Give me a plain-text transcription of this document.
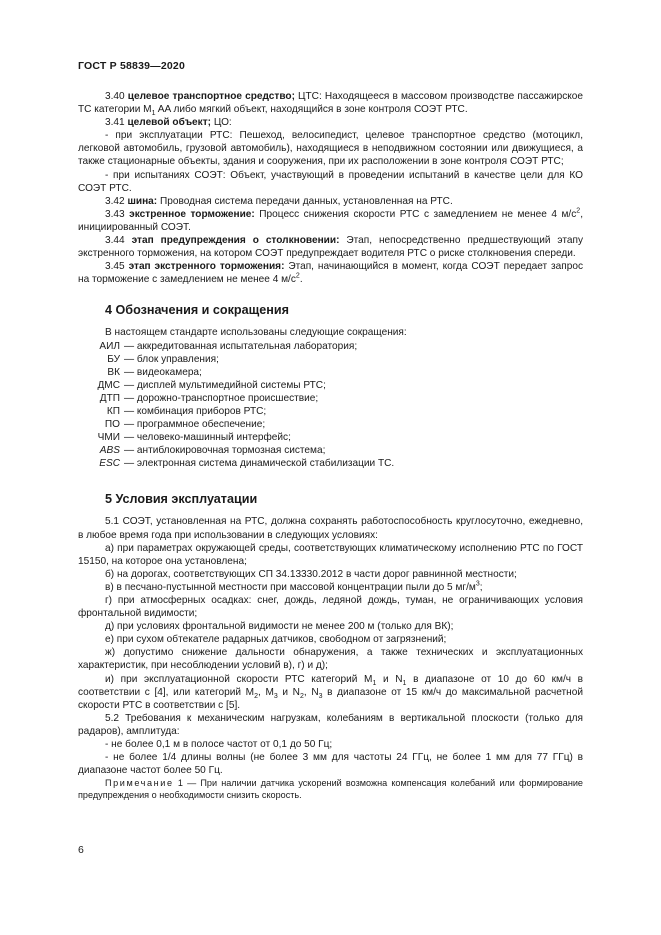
ГОСТ Р 58839—2020

3.40 целевое транспортное средство; ЦТС: Находящееся в массовом производстве пассажирское ТС категории $M_1$ AA либо мягкий объект, находящийся в зоне контроля СОЭТ РТС.

3.41 целевой объект; ЦО:

- при эксплуатации РТС: Пешеход, велосипедист, целевое транспортное средство (мотоцикл, легковой автомобиль, грузовой автомобиль), находящиеся в неподвижном состоянии или движущиеся, а также стационарные объекты, здания и сооружения, при их расположении в зоне контроля СОЭТ РТС;

- при испытаниях СОЭТ: Объект, участвующий в проведении испытаний в качестве цели для КО СОЭТ РТС.

3.42 шина: Проводная система передачи данных, установленная на РТС.

3.43 экстренное торможение: Процесс снижения скорости РТС с замедлением не менее 4 $м/с^2$, инициированный СОЭТ.

3.44 этап предупреждения о столкновении: Этап, непосредственно предшествующий этапу экстренного торможения, на котором СОЭТ предупреждает водителя РТС о риске столкновения спереди.

3.45 этап экстренного торможения: Этап, начинающийся в момент, когда СОЭТ передает запрос на торможение с замедлением не менее 4 $м/с^2$.

4 Обозначения и сокращения

В настоящем стандарте использованы следующие сокращения:

АИЛ — аккредитованная испытательная лаборатория;
БУ — блок управления;
ВК — видеокамера;
ДМС — дисплей мультимедийной системы РТС;
ДТП — дорожно-транспортное происшествие;
КП — комбинация приборов РТС;
ПО — программное обеспечение;
ЧМИ — человеко-машинный интерфейс;
ABS — антиблокировочная тормозная система;
ESC — электронная система динамической стабилизации ТС.
5 Условия эксплуатации

5.1 СОЭТ, установленная на РТС, должна сохранять работоспособность круглосуточно, ежедневно, в любое время года при использовании в следующих условиях:

а) при параметрах окружающей среды, соответствующих климатическому исполнению РТС по ГОСТ 15150, на которое она установлена;

б) на дорогах, соответствующих СП 34.13330.2012 в части дорог равнинной местности;

в) в песчано-пустынной местности при массовой концентрации пыли до 5 $мг/м^3$;

г) при атмосферных осадках: снег, дождь, ледяной дождь, туман, не ограничивающих условия фронтальной видимости;

д) при условиях фронтальной видимости не менее 200 м (только для ВК);

е) при сухом обтекателе радарных датчиков, свободном от загрязнений;

ж) допустимо снижение дальности обнаружения, а также технических и эксплуатационных характеристик, при несоблюдении условий в), г) и д);

и) при эксплуатационной скорости РТС категорий $M_1$ и $N_1$ в диапазоне от 10 до 60 км/ч в соответствии с [4], или категорий $M_2$, $M_3$ и $N_2$, $N_3$ в диапазоне от 15 км/ч до максимальной расчетной скорости РТС в соответствии с [5].

5.2 Требования к механическим нагрузкам, колебаниям в вертикальной плоскости (только для радаров), амплитуда:

- не более 0,1 м в полосе частот от 0,1 до 50 Гц;

- не более 1/4 длины волны (не более 3 мм для частоты 24 ГГц, не более 1 мм для 77 ГГц) в диапазоне частот более 50 Гц.

Примечание 1 — При наличии датчика ускорений возможна компенсация колебаний или формирование предупреждения о необходимости снизить скорость.

6
